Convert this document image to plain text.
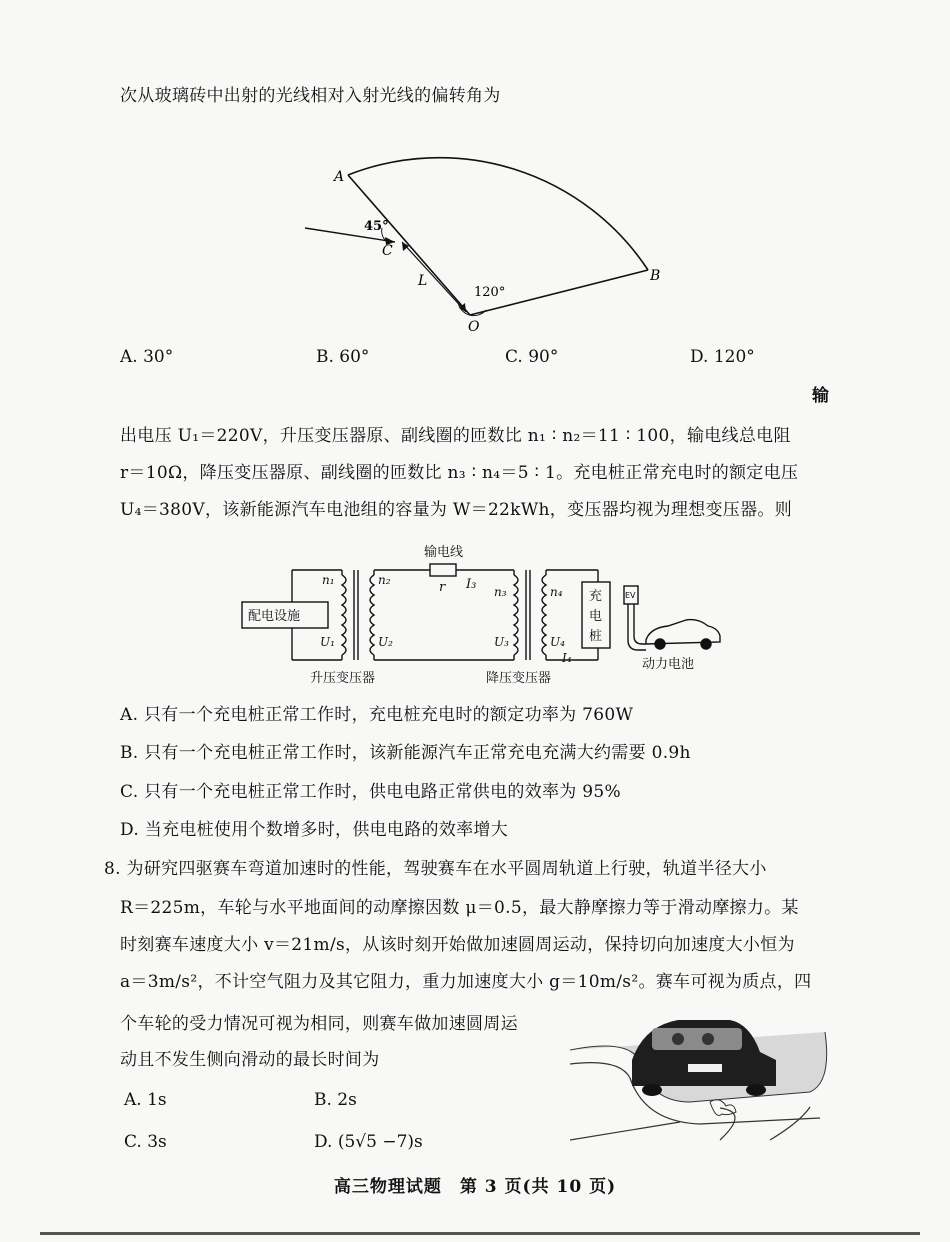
次从玻璃砖中出射的光线相对入射光线的偏转角为
A
B
C
O
L
45°
120°
A. 30°	B. 60°	C. 90°	D. 120°
输
出电压 U₁＝220V，升压变压器原、副线圈的匝数比 n₁ ∶ n₂＝11 ∶ 100，输电线总电阻
r＝10Ω，降压变压器原、副线圈的匝数比 n₃ ∶ n₄＝5 ∶ 1。充电桩正常充电时的额定电压
U₄＝380V，该新能源汽车电池组的容量为 W＝22kWh，变压器均视为理想变压器。则
输电线
r I₃
n₁	n₂
n₃	n₄
U₁	U₂	U₃	U₄
I₄
配电设施
充
电
桩
EV
升压变压器	降压变压器
动力电池
A. 只有一个充电桩正常工作时，充电桩充电时的额定功率为 760W
B. 只有一个充电桩正常工作时，该新能源汽车正常充电充满大约需要 0.9h
C. 只有一个充电桩正常工作时，供电电路正常供电的效率为 95%
D. 当充电桩使用个数增多时，供电电路的效率增大
8. 为研究四驱赛车弯道加速时的性能，驾驶赛车在水平圆周轨道上行驶，轨道半径大小
R＝225m，车轮与水平地面间的动摩擦因数 μ＝0.5，最大静摩擦力等于滑动摩擦力。某
时刻赛车速度大小 v＝21m/s，从该时刻开始做加速圆周运动，保持切向加速度大小恒为
a＝3m/s²，不计空气阻力及其它阻力，重力加速度大小 g＝10m/s²。赛车可视为质点，四
个车轮的受力情况可视为相同，则赛车做加速圆周运
动且不发生侧向滑动的最长时间为
A. 1s	B. 2s
C. 3s	D. (5√5 −7)s
高三物理试题　第 3 页(共 10 页)
